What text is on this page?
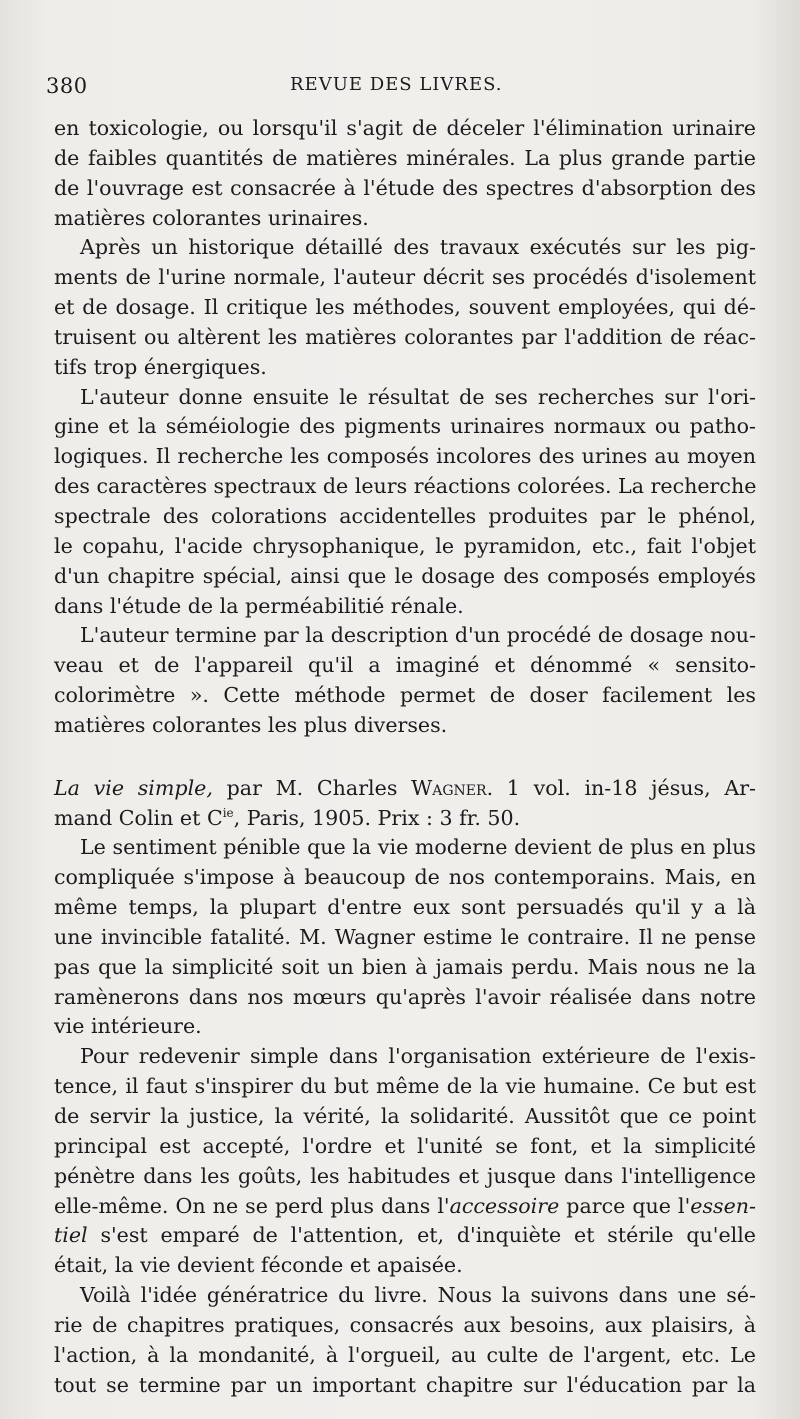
380	REVUE DES LIVRES.
en toxicologie, ou lorsqu'il s'agit de déceler l'élimination urinaire
de faibles quantités de matières minérales. La plus grande partie
de l'ouvrage est consacrée à l'étude des spectres d'absorption des
matières colorantes urinaires.
Après un historique détaillé des travaux exécutés sur les pig-
ments de l'urine normale, l'auteur décrit ses procédés d'isolement
et de dosage. Il critique les méthodes, souvent employées, qui dé-
truisent ou altèrent les matières colorantes par l'addition de réac-
tifs trop énergiques.
L'auteur donne ensuite le résultat de ses recherches sur l'ori-
gine et la séméiologie des pigments urinaires normaux ou patho-
logiques. Il recherche les composés incolores des urines au moyen
des caractères spectraux de leurs réactions colorées. La recherche
spectrale des colorations accidentelles produites par le phénol,
le copahu, l'acide chrysophanique, le pyramidon, etc., fait l'objet
d'un chapitre spécial, ainsi que le dosage des composés employés
dans l'étude de la perméabilitié rénale.
L'auteur termine par la description d'un procédé de dosage nou-
veau et de l'appareil qu'il a imaginé et dénommé « sensito-
colorimètre ». Cette méthode permet de doser facilement les
matières colorantes les plus diverses.
La vie simple, par M. Charles Wagner. 1 vol. in-18 jésus, Ar-
mand Colin et $C^{ie}$, Paris, 1905. Prix : 3 fr. 50.
Le sentiment pénible que la vie moderne devient de plus en plus
compliquée s'impose à beaucoup de nos contemporains. Mais, en
même temps, la plupart d'entre eux sont persuadés qu'il y a là
une invincible fatalité. M. Wagner estime le contraire. Il ne pense
pas que la simplicité soit un bien à jamais perdu. Mais nous ne la
ramènerons dans nos mœurs qu'après l'avoir réalisée dans notre
vie intérieure.
Pour redevenir simple dans l'organisation extérieure de l'exis-
tence, il faut s'inspirer du but même de la vie humaine. Ce but est
de servir la justice, la vérité, la solidarité. Aussitôt que ce point
principal est accepté, l'ordre et l'unité se font, et la simplicité
pénètre dans les goûts, les habitudes et jusque dans l'intelligence
elle-même. On ne se perd plus dans l'accessoire parce que l'essen-
tiel s'est emparé de l'attention, et, d'inquiète et stérile qu'elle
était, la vie devient féconde et apaisée.
Voilà l'idée génératrice du livre. Nous la suivons dans une sé-
rie de chapitres pratiques, consacrés aux besoins, aux plaisirs, à
l'action, à la mondanité, à l'orgueil, au culte de l'argent, etc. Le
tout se termine par un important chapitre sur l'éducation par la
